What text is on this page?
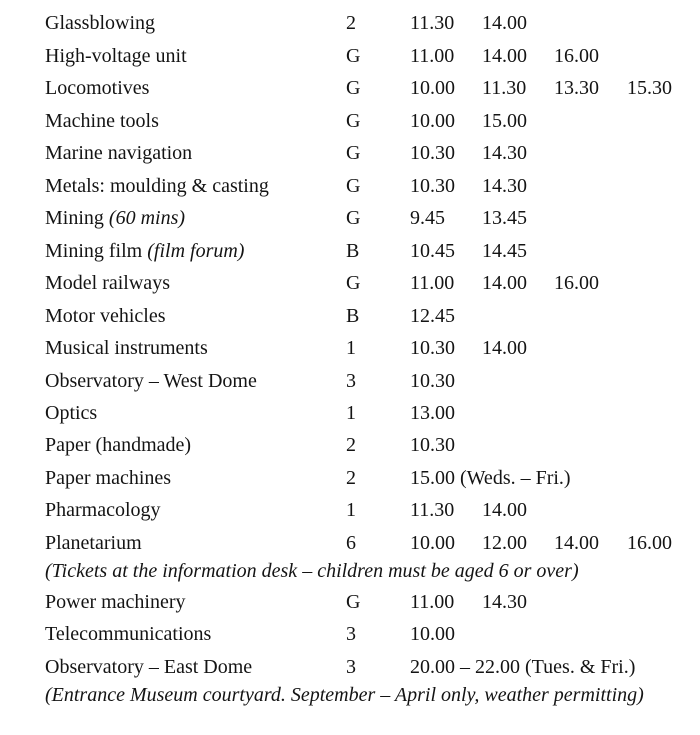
Glassblowing	2	11.30 14.00
High-voltage unit	G 11.00 14.00 16.00
Locomotives	G 10.00 11.30 13.30 15.30
Machine tools	G 10.00 15.00
Marine navigation	G 10.30 14.30
Metals: moulding & casting	G 10.30 14.30
Mining (60 mins)	G 9.45 13.45
Mining film (film forum)	B	10.45 14.45
Model railways	G 11.00 14.00 16.00
Motor vehicles	B	12.45
Musical instruments	1	10.30 14.00
Observatory – West Dome	3	10.30
Optics	1	13.00
Paper (handmade)	2	10.30
Paper machines	2	15.00 (Weds. – Fri.)
Pharmacology	1	11.30 14.00
Planetarium	6	10.00 12.00 14.00 16.00
(Tickets at the information desk – children must be aged 6 or over)
Power machinery	G 11.00 14.30
Telecommunications	3	10.00
Observatory – East Dome	3	20.00 – 22.00 (Tues. & Fri.)
(Entrance Museum courtyard. September – April only, weather permitting)
